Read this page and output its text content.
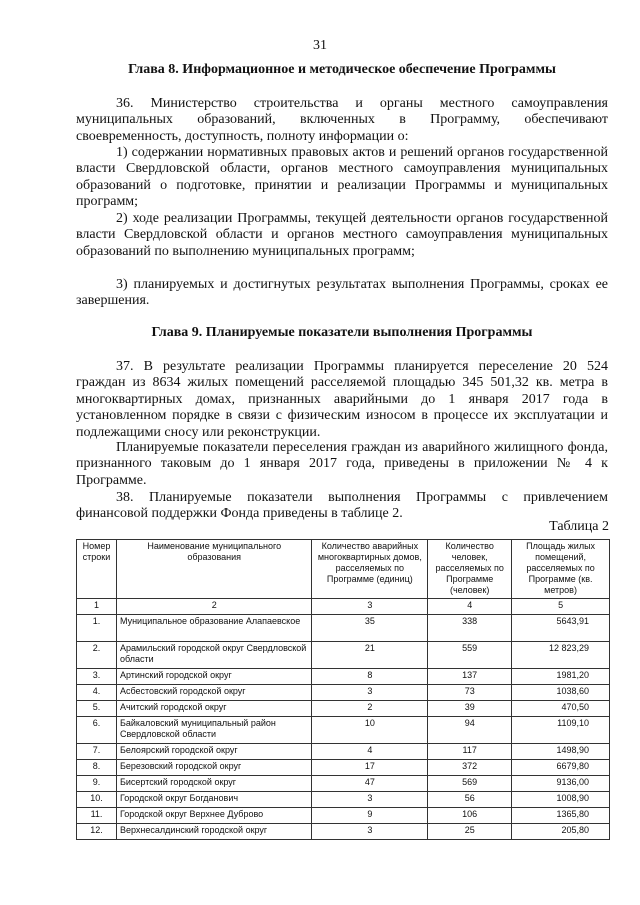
31
Глава 8. Информационное и методическое обеспечение Программы

36. Министерство строительства и органы местного самоуправления муниципальных образований, включенных в Программу, обеспечивают своевременность, доступность, полноту информации о:

1) содержании нормативных правовых актов и решений органов государственной власти Свердловской области, органов местного самоуправления муниципальных образований о подготовке, принятии и реализации Программы и муниципальных программ;

2) ходе реализации Программы, текущей деятельности органов государственной власти Свердловской области и органов местного самоуправления муниципальных образований по выполнению муниципальных программ;

3) планируемых и достигнутых результатах выполнения Программы, сроках ее завершения.

Глава 9. Планируемые показатели выполнения Программы

37. В результате реализации Программы планируется переселение 20 524 граждан из 8634 жилых помещений расселяемой площадью 345 501,32 кв. метра в многоквартирных домах, признанных аварийными до 1 января 2017 года в установленном порядке в связи с физическим износом в процессе их эксплуатации и подлежащими сносу или реконструкции.

Планируемые показатели переселения граждан из аварийного жилищного фонда, признанного таковым до 1 января 2017 года, приведены в приложении № 4 к Программе.

38. Планируемые показатели выполнения Программы с привлечением финансовой поддержки Фонда приведены в таблице 2.

Таблица 2
Номер строки	Наименование муниципального образования	Количество аварийных многоквартирных домов, расселяемых по Программе (единиц)	Количество человек, расселяемых по Программе (человек)	Площадь жилых помещений, расселяемых по Программе (кв. метров)
1	2	3	4	5
1.	Муниципальное образование Алапаевское	35	338	5643,91
2.	Арамильский городской округ Свердловской области	21	559	12 823,29
3.	Артинский городской округ	8	137	1981,20
4.	Асбестовский городской округ	3	73	1038,60
5.	Ачитский городской округ	2	39	470,50
6.	Байкаловский муниципальный район Свердловской области	10	94	1109,10
7.	Белоярский городской округ	4	117	1498,90
8.	Березовский городской округ	17	372	6679,80
9.	Бисертский городской округ	47	569	9136,00
10.	Городской округ Богданович	3	56	1008,90
11.	Городской округ Верхнее Дуброво	9	106	1365,80
12.	Верхнесалдинский городской округ	3	25	205,80
